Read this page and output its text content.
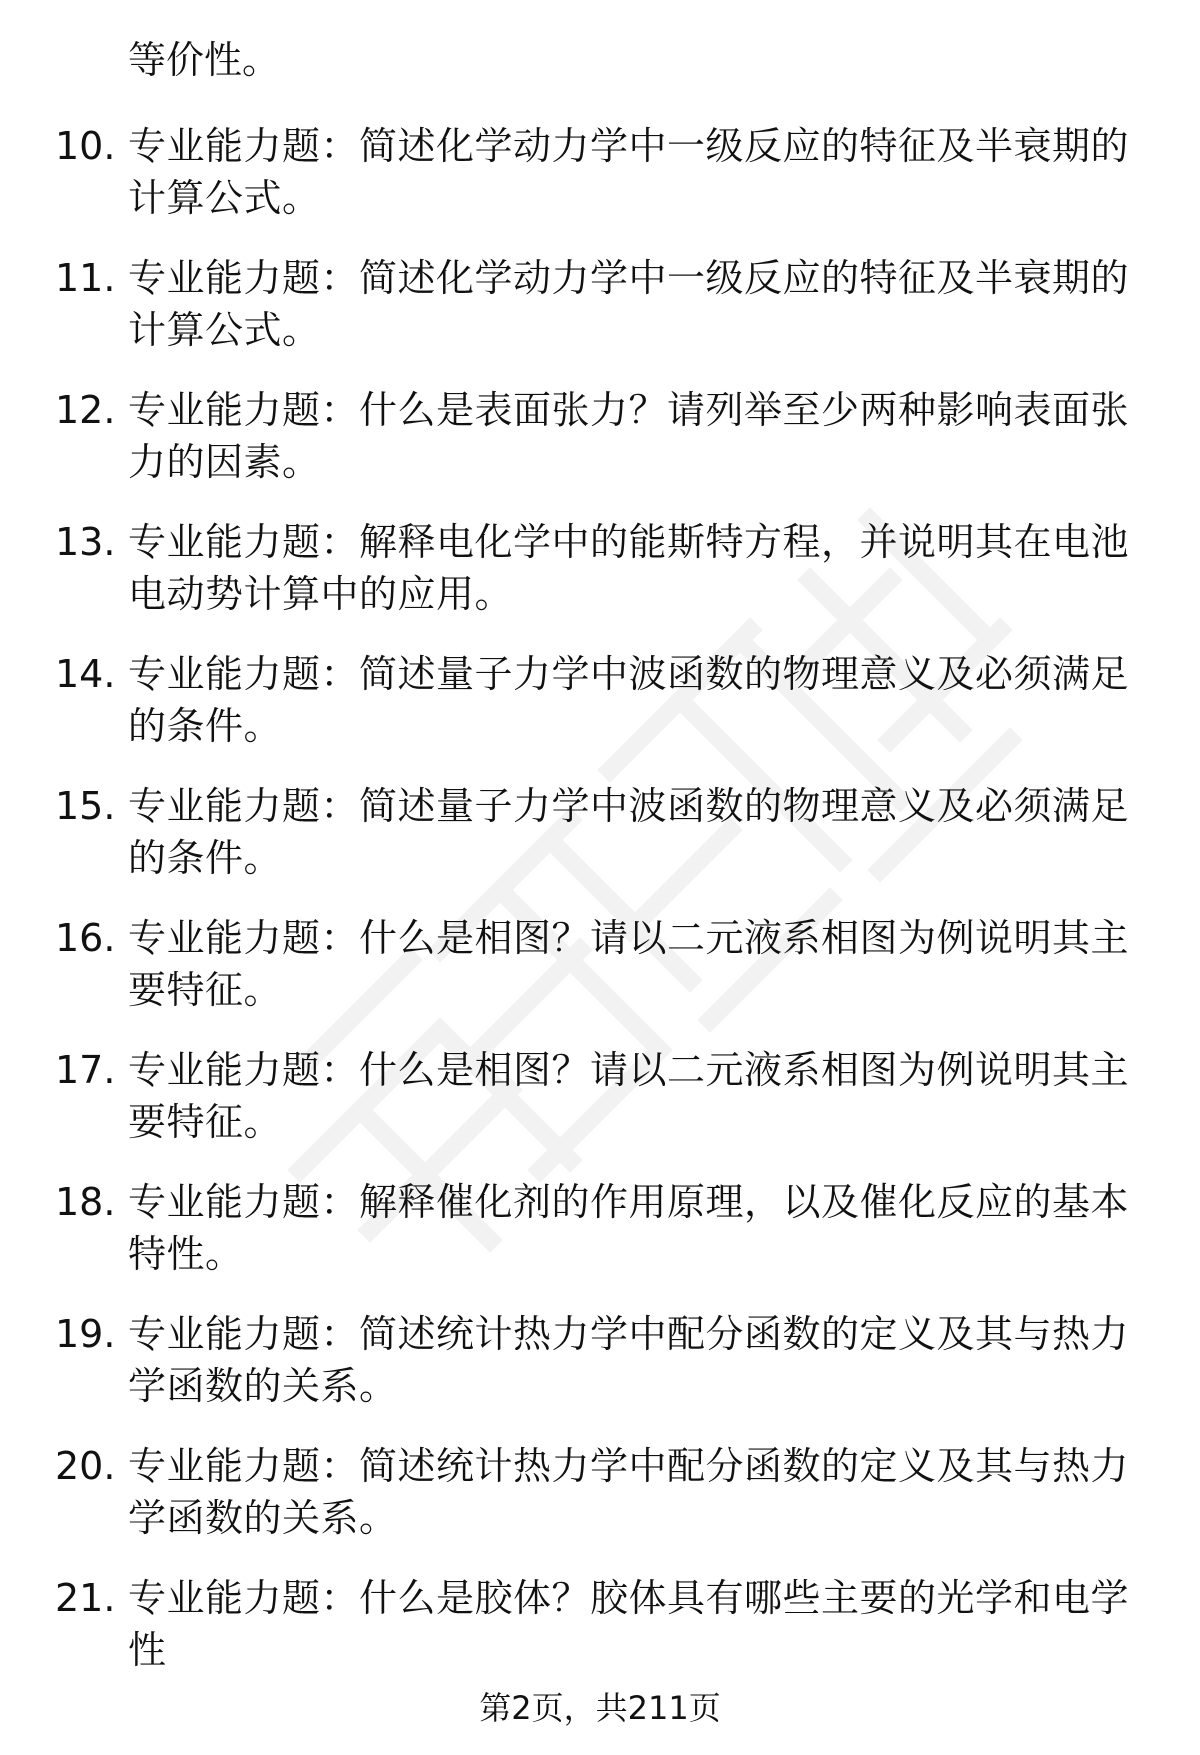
等价性。
10. 专业能力题：简述化学动力学中一级反应的特征及半衰期的计算公式。
11. 专业能力题：简述化学动力学中一级反应的特征及半衰期的计算公式。
12. 专业能力题：什么是表面张力？请列举至少两种影响表面张力的因素。
13. 专业能力题：解释电化学中的能斯特方程，并说明其在电池电动势计算中的应用。
14. 专业能力题：简述量子力学中波函数的物理意义及必须满足的条件。
15. 专业能力题：简述量子力学中波函数的物理意义及必须满足的条件。
16. 专业能力题：什么是相图？请以二元液系相图为例说明其主要特征。
17. 专业能力题：什么是相图？请以二元液系相图为例说明其主要特征。
18. 专业能力题：解释催化剂的作用原理，以及催化反应的基本特性。
19. 专业能力题：简述统计热力学中配分函数的定义及其与热力学函数的关系。
20. 专业能力题：简述统计热力学中配分函数的定义及其与热力学函数的关系。
21. 专业能力题：什么是胶体？胶体具有哪些主要的光学和电学性
第2页，共211页
